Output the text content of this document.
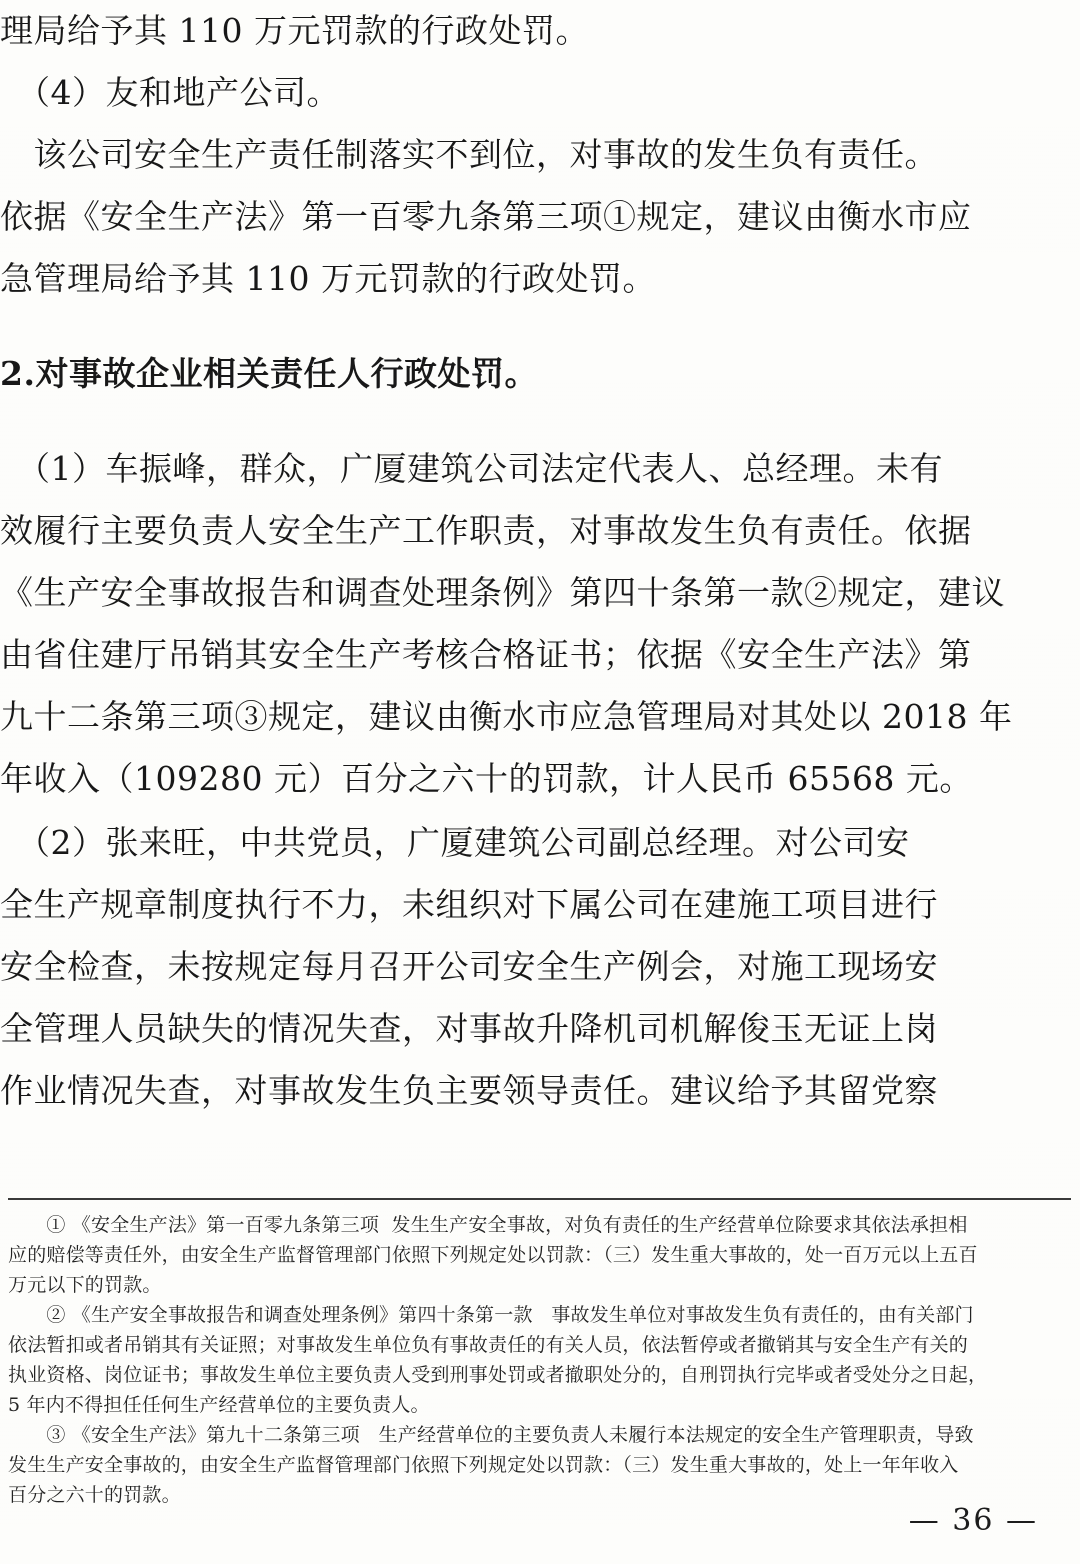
理局给予其 110 万元罚款的行政处罚。

　（4）友和地产公司。

　该公司安全生产责任制落实不到位，对事故的发生负有责任。

依据《安全生产法》第一百零九条第三项①规定，建议由衡水市应

急管理局给予其 110 万元罚款的行政处罚。

2.对事故企业相关责任人行政处罚。

　（1）车振峰，群众，广厦建筑公司法定代表人、总经理。未有

效履行主要负责人安全生产工作职责，对事故发生负有责任。依据

《生产安全事故报告和调查处理条例》第四十条第一款②规定，建议

由省住建厅吊销其安全生产考核合格证书；依据《安全生产法》第

九十二条第三项③规定，建议由衡水市应急管理局对其处以 2018 年

年收入（109280 元）百分之六十的罚款，计人民币 65568 元。

　（2）张来旺，中共党员，广厦建筑公司副总经理。对公司安

全生产规章制度执行不力，未组织对下属公司在建施工项目进行

安全检查，未按规定每月召开公司安全生产例会，对施工现场安

全管理人员缺失的情况失查，对事故升降机司机解俊玉无证上岗

作业情况失查，对事故发生负主要领导责任。建议给予其留党察

　　① 《安全生产法》第一百零九条第三项  发生生产安全事故，对负有责任的生产经营单位除要求其依法承担相

应的赔偿等责任外，由安全生产监督管理部门依照下列规定处以罚款：（三）发生重大事故的，处一百万元以上五百

万元以下的罚款。

　　② 《生产安全事故报告和调查处理条例》第四十条第一款   事故发生单位对事故发生负有责任的，由有关部门

依法暂扣或者吊销其有关证照；对事故发生单位负有事故责任的有关人员，依法暂停或者撤销其与安全生产有关的

执业资格、岗位证书；事故发生单位主要负责人受到刑事处罚或者撤职处分的，自刑罚执行完毕或者受处分之日起，

5 年内不得担任任何生产经营单位的主要负责人。

　　③ 《安全生产法》第九十二条第三项   生产经营单位的主要负责人未履行本法规定的安全生产管理职责，导致

发生生产安全事故的，由安全生产监督管理部门依照下列规定处以罚款：（三）发生重大事故的，处上一年年收入

百分之六十的罚款。

— 36 —
